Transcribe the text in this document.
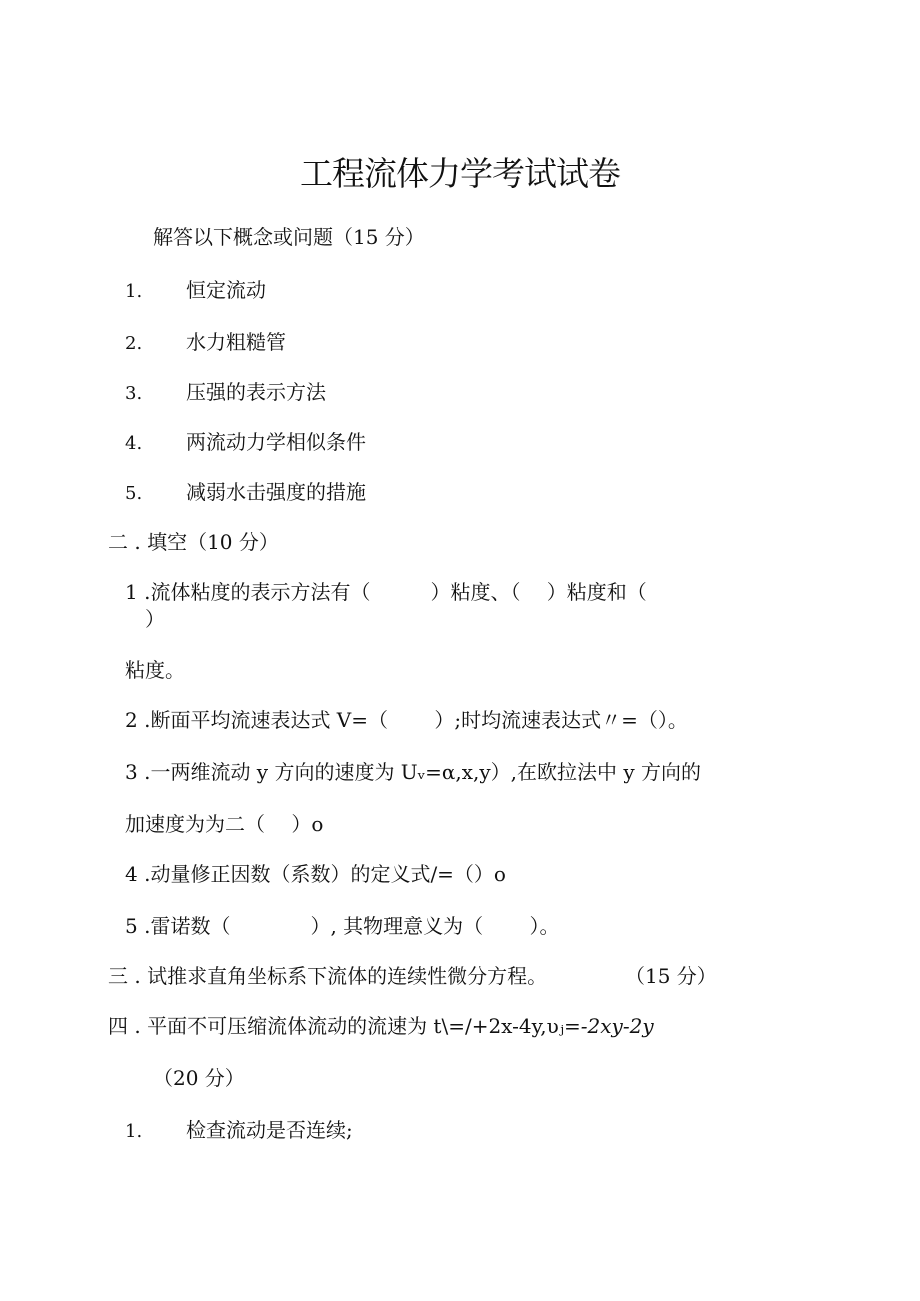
工程流体力学考试试卷
解答以下概念或问题（15 分）
1. 恒定流动
2. 水力粗糙管
3. 压强的表示方法
4. 两流动力学相似条件
5. 减弱水击强度的措施
二 . 填空（10 分）
1 .流体粘度的表示方法有（　　　）粘度、（　 ）粘度和（
）
粘度。
2 .断面平均流速表达式 V=（　　 ）;时均流速表达式〃=（）。
3 .一两维流动 y 方向的速度为 Uᵥ=α,x,y）,在欧拉法中 y 方向的
加速度为为二（　 ）o
4 .动量修正因数（系数）的定义式/=（）o
5 .雷诺数（　　　　）, 其物理意义为（　　 ）。
三 . 试推求直角坐标系下流体的连续性微分方程。	（15 分）
四 . 平面不可压缩流体流动的流速为 t\=/+2x-4y,υⱼ=-2xy-2y
（20 分）
1. 检查流动是否连续;
